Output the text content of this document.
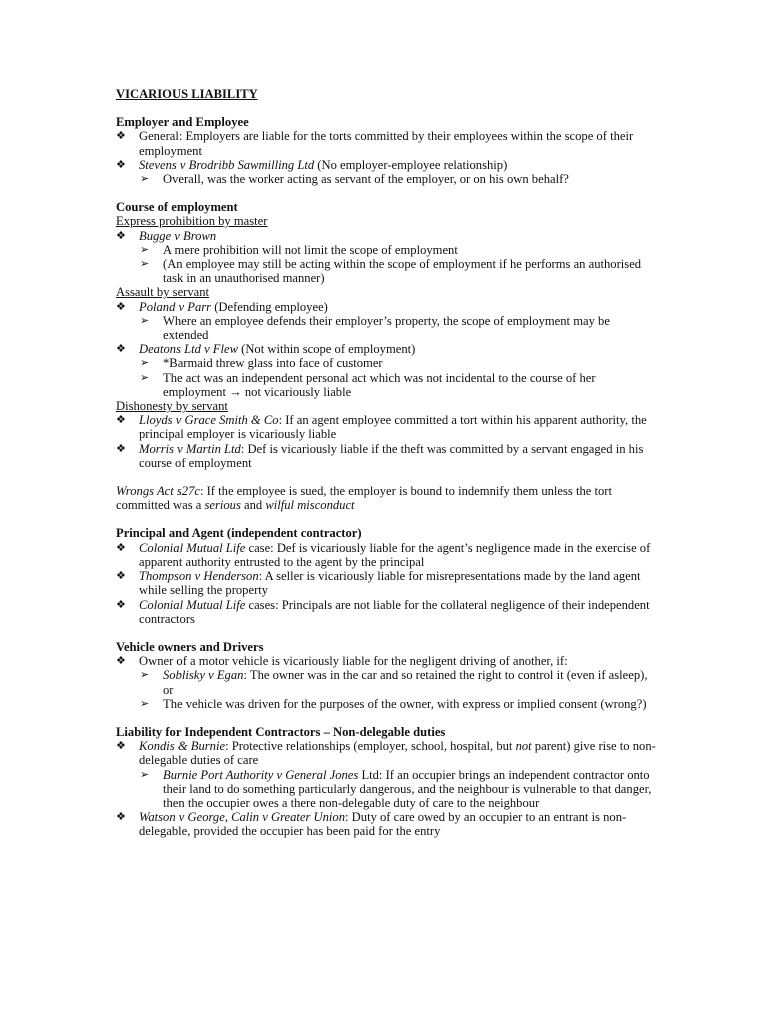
VICARIOUS LIABILITY
Employer and Employee
❖ General: Employers are liable for the torts committed by their employees within the scope of their employment
❖ Stevens v Brodribb Sawmilling Ltd (No employer-employee relationship)
➢ Overall, was the worker acting as servant of the employer, or on his own behalf?
Course of employment
Express prohibition by master
❖ Bugge v Brown
➢ A mere prohibition will not limit the scope of employment
➢ (An employee may still be acting within the scope of employment if he performs an authorised task in an unauthorised manner)
Assault by servant
❖ Poland v Parr (Defending employee)
➢ Where an employee defends their employer’s property, the scope of employment may be extended
❖ Deatons Ltd v Flew (Not within scope of employment)
➢ *Barmaid threw glass into face of customer
➢ The act was an independent personal act which was not incidental to the course of her employment → not vicariously liable
Dishonesty by servant
❖ Lloyds v Grace Smith & Co: If an agent employee committed a tort within his apparent authority, the principal employer is vicariously liable
❖ Morris v Martin Ltd: Def is vicariously liable if the theft was committed by a servant engaged in his course of employment
Wrongs Act s27c: If the employee is sued, the employer is bound to indemnify them unless the tort committed was a serious and wilful misconduct
Principal and Agent (independent contractor)
❖ Colonial Mutual Life case: Def is vicariously liable for the agent’s negligence made in the exercise of apparent authority entrusted to the agent by the principal
❖ Thompson v Henderson: A seller is vicariously liable for misrepresentations made by the land agent while selling the property
❖ Colonial Mutual Life cases: Principals are not liable for the collateral negligence of their independent contractors
Vehicle owners and Drivers
❖ Owner of a motor vehicle is vicariously liable for the negligent driving of another, if:
➢ Soblisky v Egan: The owner was in the car and so retained the right to control it (even if asleep), or
➢ The vehicle was driven for the purposes of the owner, with express or implied consent (wrong?)
Liability for Independent Contractors – Non-delegable duties
❖ Kondis & Burnie: Protective relationships (employer, school, hospital, but not parent) give rise to non-delegable duties of care
➢ Burnie Port Authority v General Jones Ltd: If an occupier brings an independent contractor onto their land to do something particularly dangerous, and the neighbour is vulnerable to that danger, then the occupier owes a there non-delegable duty of care to the neighbour
❖ Watson v George, Calin v Greater Union: Duty of care owed by an occupier to an entrant is non-delegable, provided the occupier has been paid for the entry
